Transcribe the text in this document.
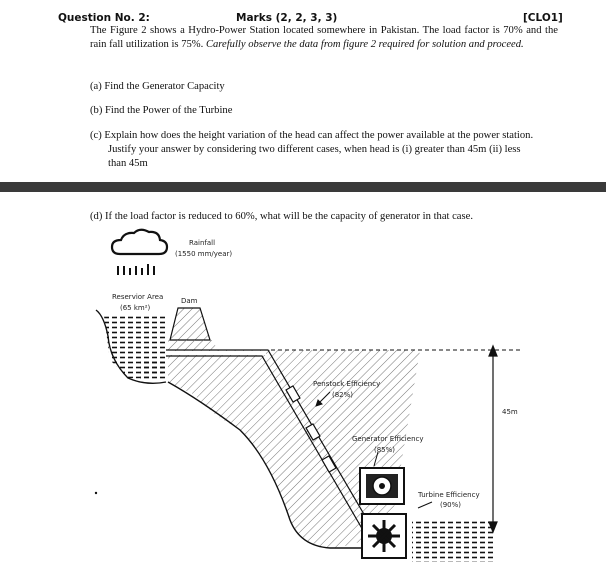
Question No. 2:	Marks (2, 2, 3, 3)	[CLO1]
The Figure 2 shows a Hydro-Power Station located somewhere in Pakistan. The load factor is 70% and the rain fall utilization is 75%. Carefully observe the data from figure 2 required for solution and proceed.
(a) Find the Generator Capacity
(b) Find the Power of the Turbine
(c) Explain how does the height variation of the head can affect the power available at the power station.
Justify your answer by considering two different cases, when head is (i) greater than 45m (ii) less
than 45m
(d) If the load factor is reduced to 60%, what will be the capacity of generator in that case.
Rainfall
(1550 mm/year)
Reservior Area
(65 km²)
Dam
Penstock Efficiency
(82%)
45m
Generator Efficiency
(85%)
Turbine Efficiency
(90%)
